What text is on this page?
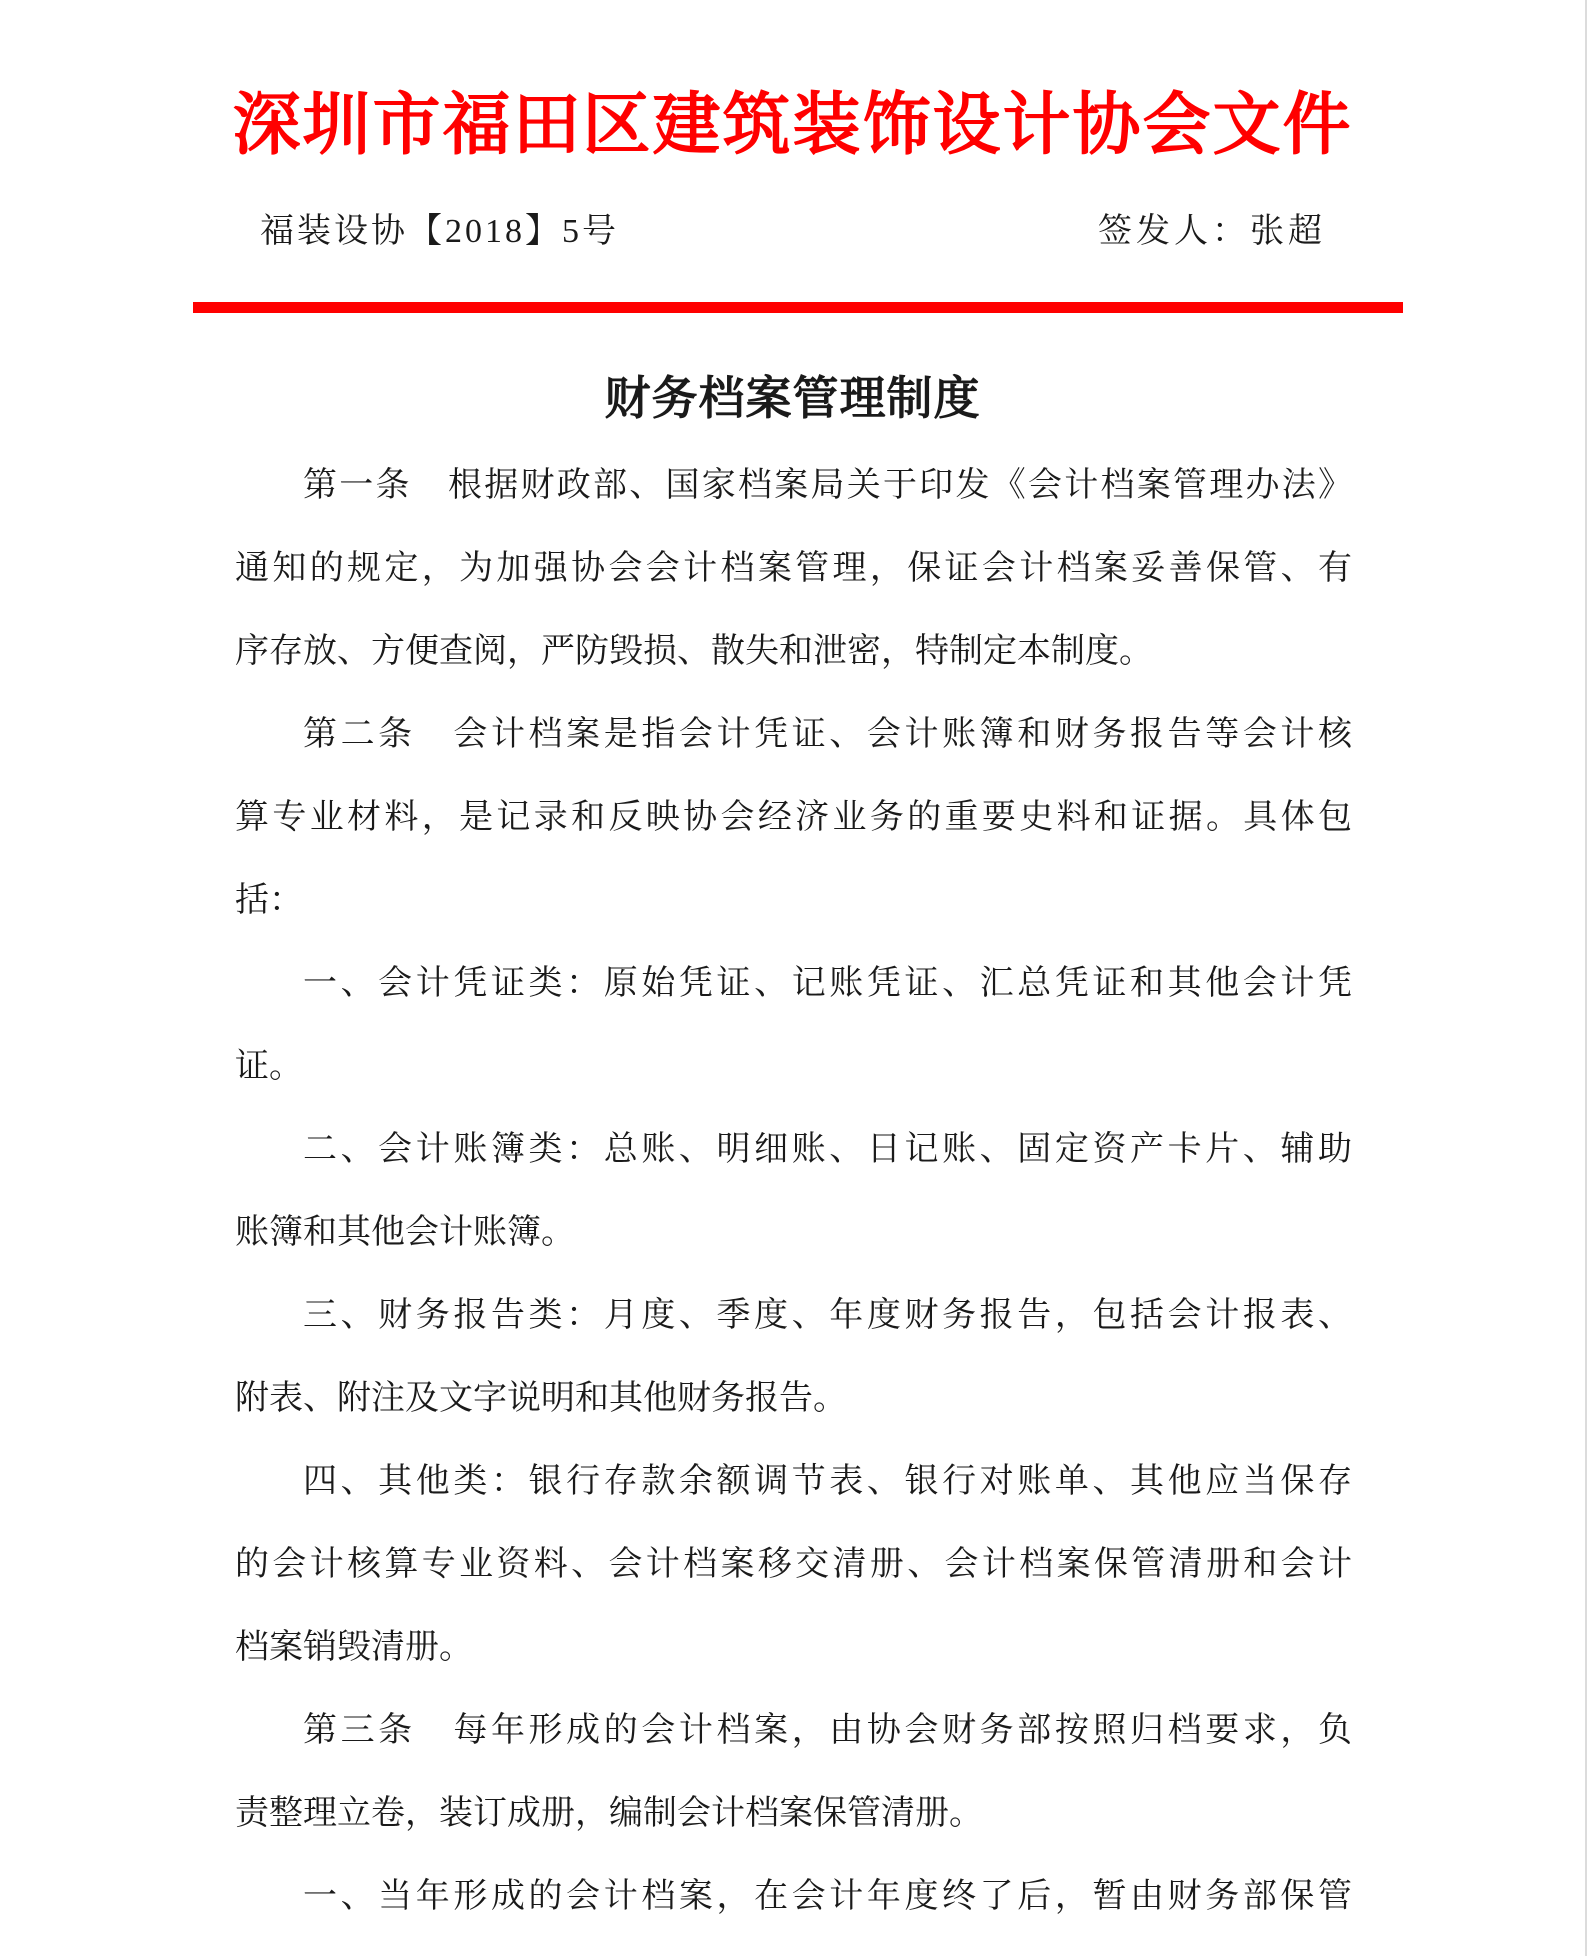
深圳市福田区建筑装饰设计协会文件
福装设协【2018】5号	签发人：张超
财务档案管理制度
第一条　根据财政部、国家档案局关于印发《会计档案管理办法》
通知的规定，为加强协会会计档案管理，保证会计档案妥善保管、有
序存放、方便查阅，严防毁损、散失和泄密，特制定本制度。
第二条　会计档案是指会计凭证、会计账簿和财务报告等会计核
算专业材料，是记录和反映协会经济业务的重要史料和证据。具体包
括：
一、会计凭证类：原始凭证、记账凭证、汇总凭证和其他会计凭
证。
二、会计账簿类：总账、明细账、日记账、固定资产卡片、辅助
账簿和其他会计账簿。
三、财务报告类：月度、季度、年度财务报告，包括会计报表、
附表、附注及文字说明和其他财务报告。
四、其他类：银行存款余额调节表、银行对账单、其他应当保存
的会计核算专业资料、会计档案移交清册、会计档案保管清册和会计
档案销毁清册。
第三条　每年形成的会计档案，由协会财务部按照归档要求，负
责整理立卷，装订成册，编制会计档案保管清册。
一、当年形成的会计档案，在会计年度终了后，暂由财务部保管
